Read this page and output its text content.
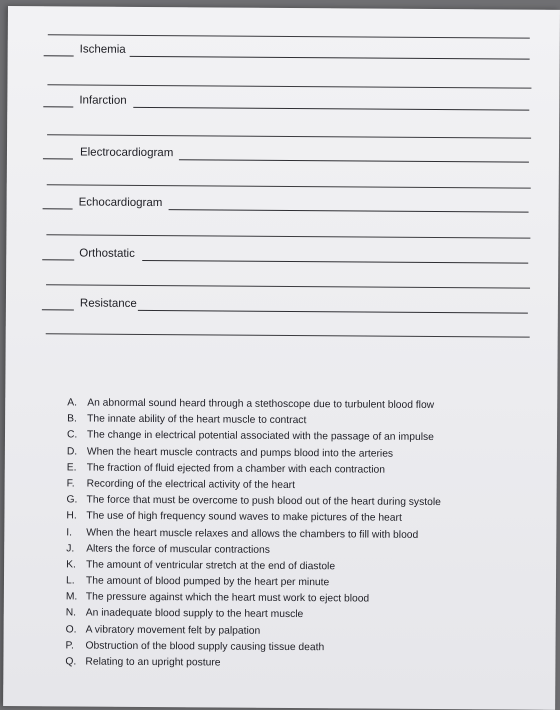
Ischemia
Infarction
Electrocardiogram
Echocardiogram
Orthostatic
Resistance
A. An abnormal sound heard through a stethoscope due to turbulent blood flow
B. The innate ability of the heart muscle to contract
C. The change in electrical potential associated with the passage of an impulse
D. When the heart muscle contracts and pumps blood into the arteries
E. The fraction of fluid ejected from a chamber with each contraction
F. Recording of the electrical activity of the heart
G. The force that must be overcome to push blood out of the heart during systole
H. The use of high frequency sound waves to make pictures of the heart
I. When the heart muscle relaxes and allows the chambers to fill with blood
J. Alters the force of muscular contractions
K. The amount of ventricular stretch at the end of diastole
L. The amount of blood pumped by the heart per minute
M. The pressure against which the heart must work to eject blood
N. An inadequate blood supply to the heart muscle
O. A vibratory movement felt by palpation
P. Obstruction of the blood supply causing tissue death
Q. Relating to an upright posture
